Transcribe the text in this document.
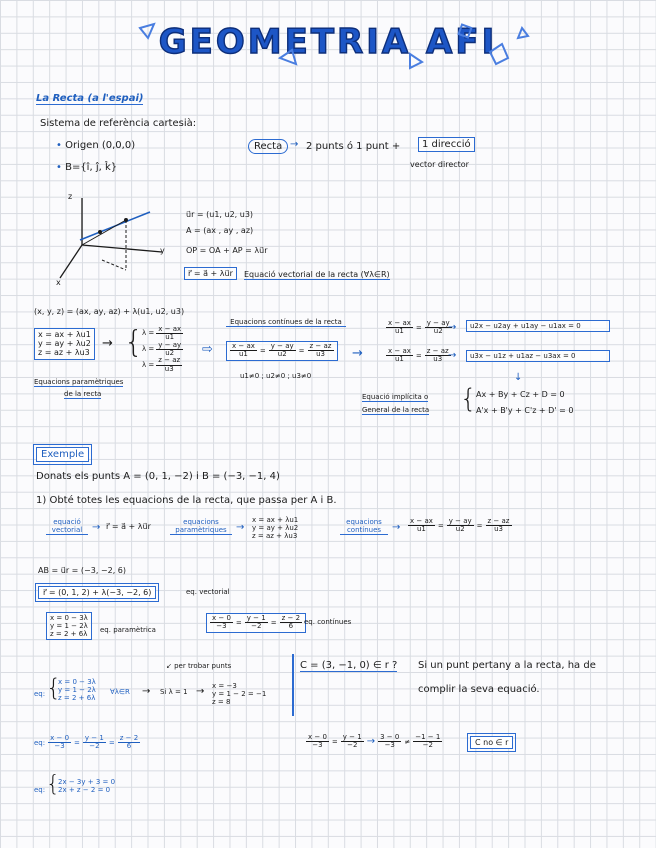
GEOMETRIA AFI
La Recta (a l'espai)
Sistema de referència cartesià:
• Origen (0,0,0)
• B={î, ĵ, k̂}
Recta → 2 punts ó 1 punt +	1 direcció
vector director
z
y
x
u⃗r = (u1, u2, u3)
A = (ax , ay , az)
OP = OA + AP = λu⃗r
r⃗ = a⃗ + λu⃗r	Equació vectorial de la recta (∀λ∈R)
(x, y, z) = (ax, ay, az) + λ(u1, u2, u3)
x = ax + λu1
y = ay + λu2
z = az + λu3
Equacions paramètriques
de la recta
→ {
$\lambda = \frac{x - ax}{u1}$
$\lambda = \frac{y - ay}{u2}$
$\lambda = \frac{z - az}{u3}$
⇨
Equacions contínues de la recta
$\frac{x - ax}{u1} = \frac{y - ay}{u2} = \frac{z - az}{u3}$
u1≠0 ; u2≠0 ; u3≠0
→
$\frac{x - ax}{u1} = \frac{y - ay}{u2}$
$\frac{x - ax}{u1} = \frac{z - az}{u3}$
→
→
u2x − u2ay + u1ay − u1ax = 0
u3x − u1z + u1az − u3ax = 0
↓
Equació implícita o
General de la recta { Ax + By + Cz + D = 0
A'x + B'y + C'z + D' = 0
Exemple
Donats els punts A = (0, 1, −2) i B = (−3, −1, 4)
1) Obté totes les equacions de la recta, que passa per A i B.
equació vectorial → r⃗ = a⃗ + λu⃗r	equacions paramètriques →
x = ax + λu1
y = ay + λu2
z = az + λu3
equacions contínues	→ $\frac{x - ax}{u1} = \frac{y - ay}{u2} = \frac{z - az}{u3}$
AB = u⃗r = (−3, −2, 6)
r⃗ = (0, 1, 2) + λ(−3, −2, 6)	eq. vectorial
x = 0 − 3λ
y = 1 − 2λ
z = 2 + 6λ
eq. paramètrica	$\frac{x - 0}{-3} = \frac{y - 1}{-2} = \frac{z - 2}{6}$ eq. contínues
↙ per trobar punts
eq: {
x = 0 − 3λ
y = 1 − 2λ
z = 2 + 6λ
∀λ∈R → Si λ = 1 → x = −3
y = 1 − 2 = −1
z = 8
C = (3, −1, 0) ∈ r ? Si un punt pertany a la recta, ha de
complir la seva equació.
eq: $\frac{x - 0}{-3} = \frac{y - 1}{-2} = \frac{z - 2}{6}$	$\frac{x - 0}{-3} = \frac{y - 1}{-2} \to \frac{3 - 0}{-3} \ne \frac{-1 - 1}{-2}$	C no ∈ r
eq: {
2x − 3y + 3 = 0
2x + z − 2 = 0
